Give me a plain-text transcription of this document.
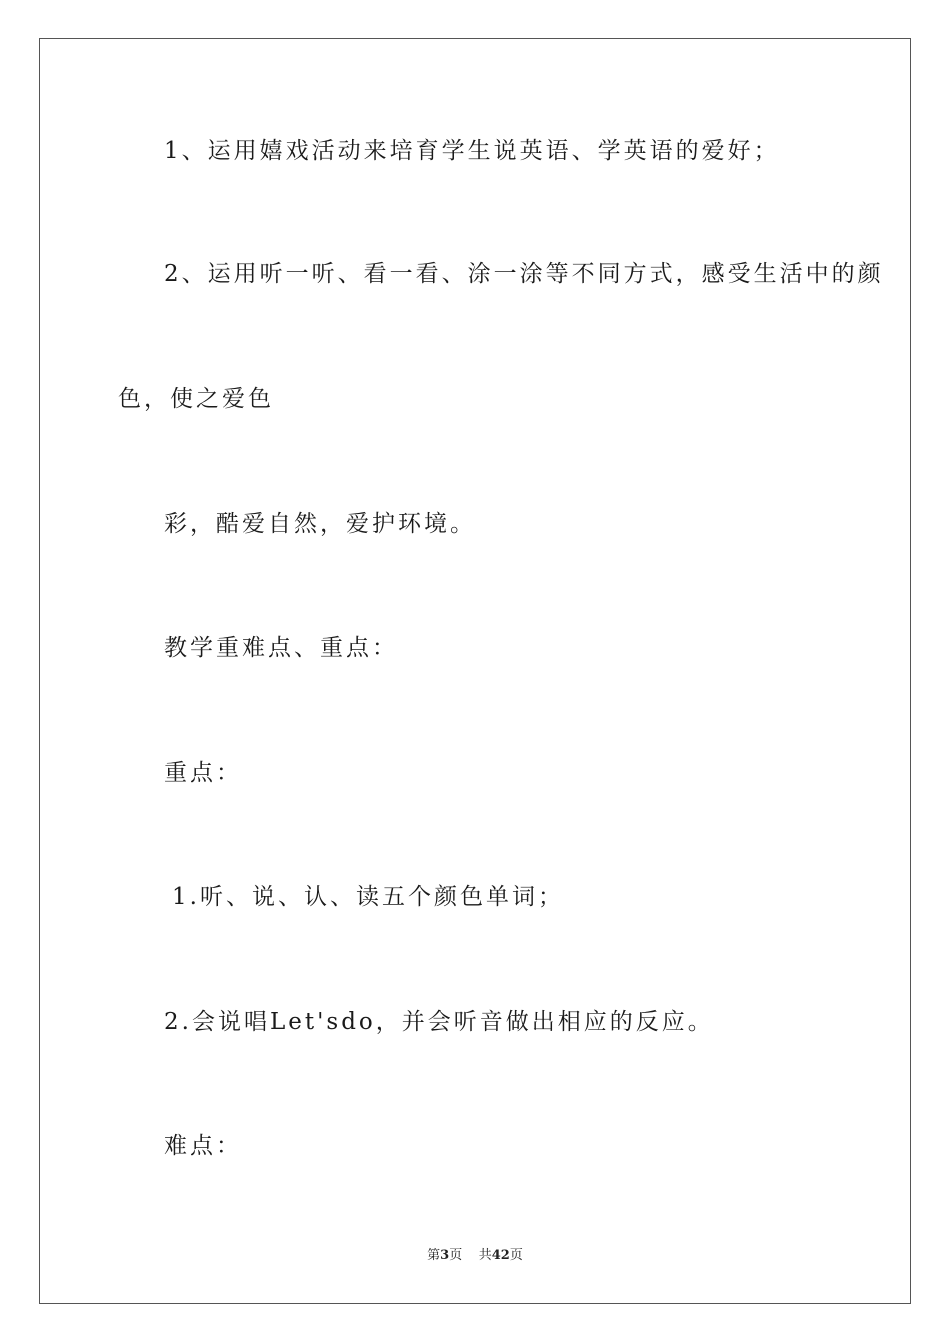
1、运用嬉戏活动来培育学生说英语、学英语的爱好；
2、运用听一听、看一看、涂一涂等不同方式，感受生活中的颜
色，使之爱色
彩，酷爱自然，爱护环境。
教学重难点、重点：
重点：
1.听、说、认、读五个颜色单词；
2.会说唱Let'sdo，并会听音做出相应的反应。
难点：
第3页 共42页
